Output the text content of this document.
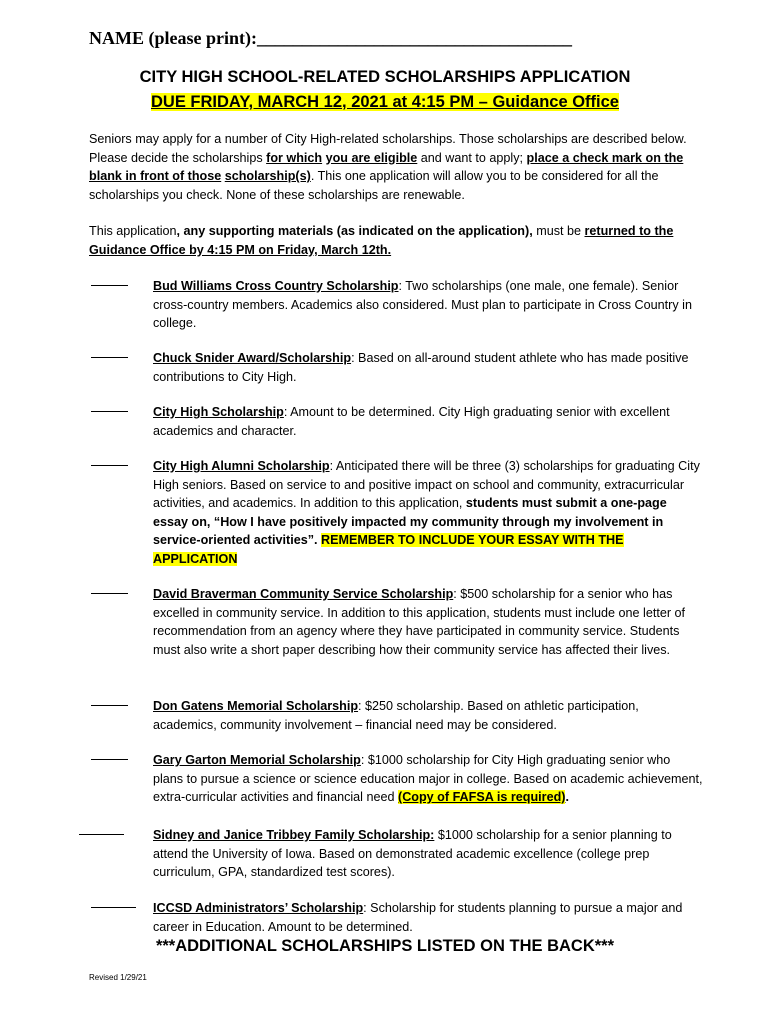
NAME (please print):___________________________________
CITY HIGH SCHOOL-RELATED SCHOLARSHIPS APPLICATION
DUE FRIDAY, MARCH 12, 2021 at 4:15 PM – Guidance Office
Seniors may apply for a number of City High-related scholarships. Those scholarships are described below. Please decide the scholarships for which you are eligible and want to apply; place a check mark on the blank in front of those scholarship(s). This one application will allow you to be considered for all the scholarships you check. None of these scholarships are renewable.
This application, any supporting materials (as indicated on the application), must be returned to the Guidance Office by 4:15 PM on Friday, March 12th.
Bud Williams Cross Country Scholarship: Two scholarships (one male, one female). Senior cross-country members. Academics also considered. Must plan to participate in Cross Country in college.
Chuck Snider Award/Scholarship: Based on all-around student athlete who has made positive contributions to City High.
City High Scholarship: Amount to be determined. City High graduating senior with excellent academics and character.
City High Alumni Scholarship: Anticipated there will be three (3) scholarships for graduating City High seniors. Based on service to and positive impact on school and community, extracurricular activities, and academics. In addition to this application, students must submit a one-page essay on, “How I have positively impacted my community through my involvement in service-oriented activities”. REMEMBER TO INCLUDE YOUR ESSAY WITH THE APPLICATION
David Braverman Community Service Scholarship: $500 scholarship for a senior who has excelled in community service. In addition to this application, students must include one letter of recommendation from an agency where they have participated in community service. Students must also write a short paper describing how their community service has affected their lives.
Don Gatens Memorial Scholarship: $250 scholarship. Based on athletic participation, academics, community involvement – financial need may be considered.
Gary Garton Memorial Scholarship: $1000 scholarship for City High graduating senior who plans to pursue a science or science education major in college. Based on academic achievement, extra-curricular activities and financial need (Copy of FAFSA is required).
Sidney and Janice Tribbey Family Scholarship: $1000 scholarship for a senior planning to attend the University of Iowa. Based on demonstrated academic excellence (college prep curriculum, GPA, standardized test scores).
ICCSD Administrators’ Scholarship: Scholarship for students planning to pursue a major and career in Education. Amount to be determined.
***ADDITIONAL SCHOLARSHIPS LISTED ON THE BACK***
Revised 1/29/21
